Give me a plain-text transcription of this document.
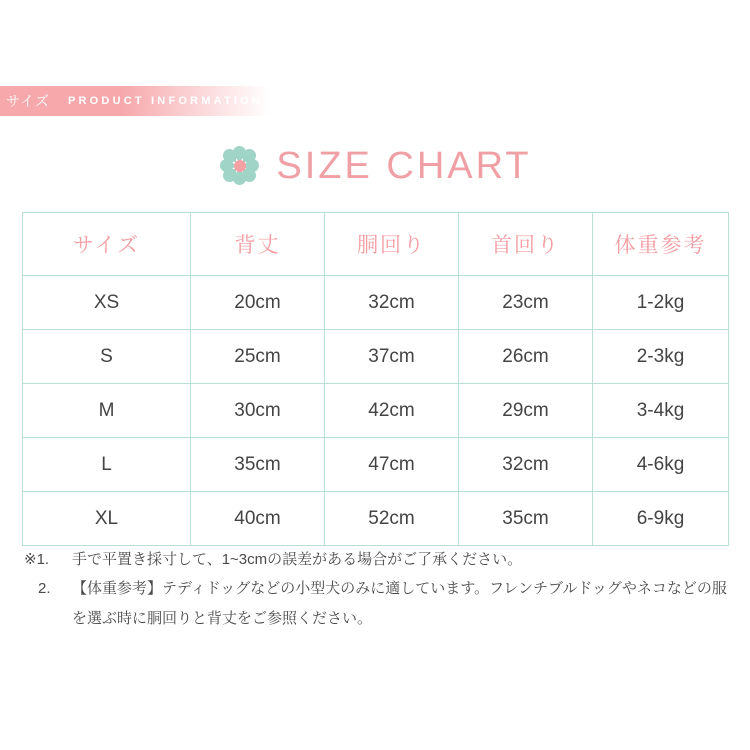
サイズ	PRODUCT INFORMATION
SIZE CHART
サイズ	背丈	胴回り	首回り	体重参考
XS	20cm	32cm	23cm	1-2kg
S	25cm	37cm	26cm	2-3kg
M	30cm	42cm	29cm	3-4kg
L	35cm	47cm	32cm	4-6kg
XL	40cm	52cm	35cm	6-9kg
※1.	手で平置き採寸して、1~3cmの誤差がある場合がご了承ください。
2.	【体重参考】テディドッグなどの小型犬のみに適しています。フレンチブルドッグやネコなどの服を選ぶ時に胴回りと背丈をご参照ください。
